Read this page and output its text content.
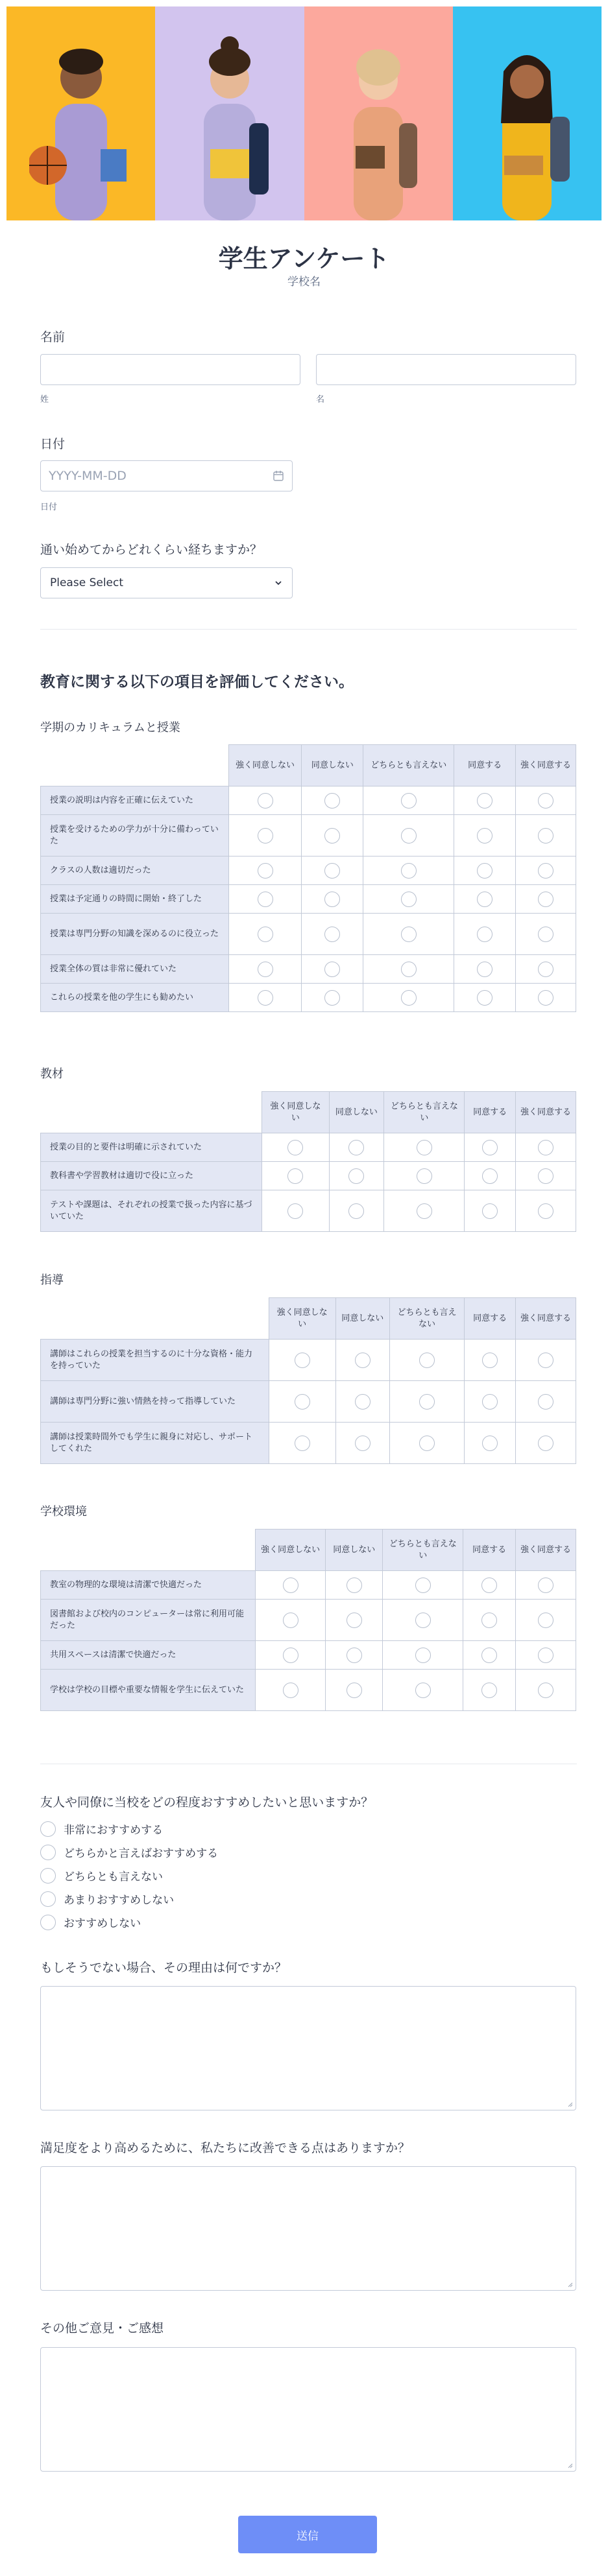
学生アンケート
学校名
名前
姓	名
日付
YYYY-MM-DD
日付
通い始めてからどれくらい経ちますか？
Please Select
教育に関する以下の項目を評価してください。
学期のカリキュラムと授業
	強く同意しない	同意しない	どちらとも言えない	同意する	強く同意する
授業の説明は内容を正確に伝えていた					
授業を受けるための学力が十分に備わっていた					
クラスの人数は適切だった					
授業は予定通りの時間に開始・終了した					
授業は専門分野の知識を深めるのに役立った					
授業全体の質は非常に優れていた					
これらの授業を他の学生にも勧めたい					
教材
	強く同意しない	同意しない	どちらとも言えない	同意する	強く同意する
授業の目的と要件は明確に示されていた					
教科書や学習教材は適切で役に立った					
テストや課題は、それぞれの授業で扱った内容に基づいていた					
指導
	強く同意しない	同意しない	どちらとも言えない	同意する	強く同意する
講師はこれらの授業を担当するのに十分な資格・能力を持っていた					
講師は専門分野に強い情熱を持って指導していた					
講師は授業時間外でも学生に親身に対応し、サポートしてくれた					
学校環境
	強く同意しない	同意しない	どちらとも言えない	同意する	強く同意する
教室の物理的な環境は清潔で快適だった					
図書館および校内のコンピューターは常に利用可能だった					
共用スペースは清潔で快適だった					
学校は学校の目標や重要な情報を学生に伝えていた					
友人や同僚に当校をどの程度おすすめしたいと思いますか？
非常におすすめする
どちらかと言えばおすすめする
どちらとも言えない
あまりおすすめしない
おすすめしない
もしそうでない場合、その理由は何ですか？
満足度をより高めるために、私たちに改善できる点はありますか？
その他ご意見・ご感想
送信
